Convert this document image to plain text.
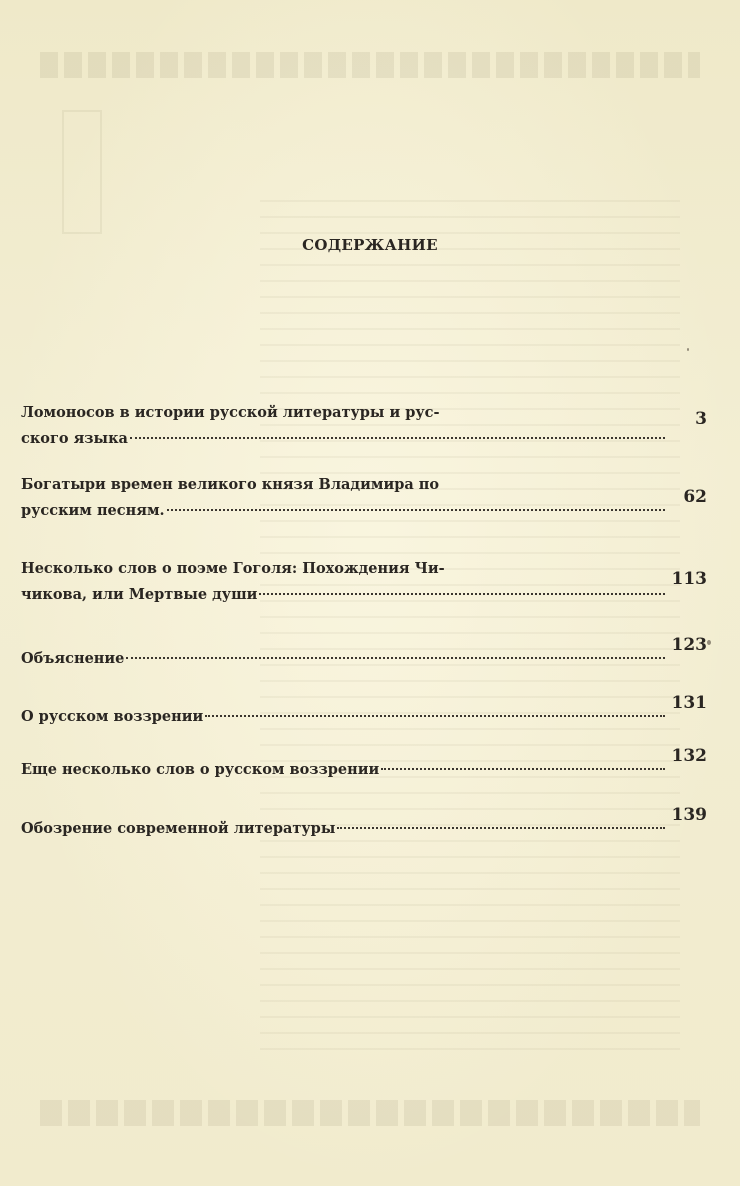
СОДЕРЖАНИЕ
Ломоносов в истории русской литературы и рус-
ского языка
3
Богатыри времен великого князя Владимира по
русским песням.
62
Несколько слов о поэме Гоголя: Похождения Чи-
чикова, или Мертвые души
113
Объяснение
123
О русском воззрении
131
Еще несколько слов о русском воззрении
132
Обозрение современной литературы
139
